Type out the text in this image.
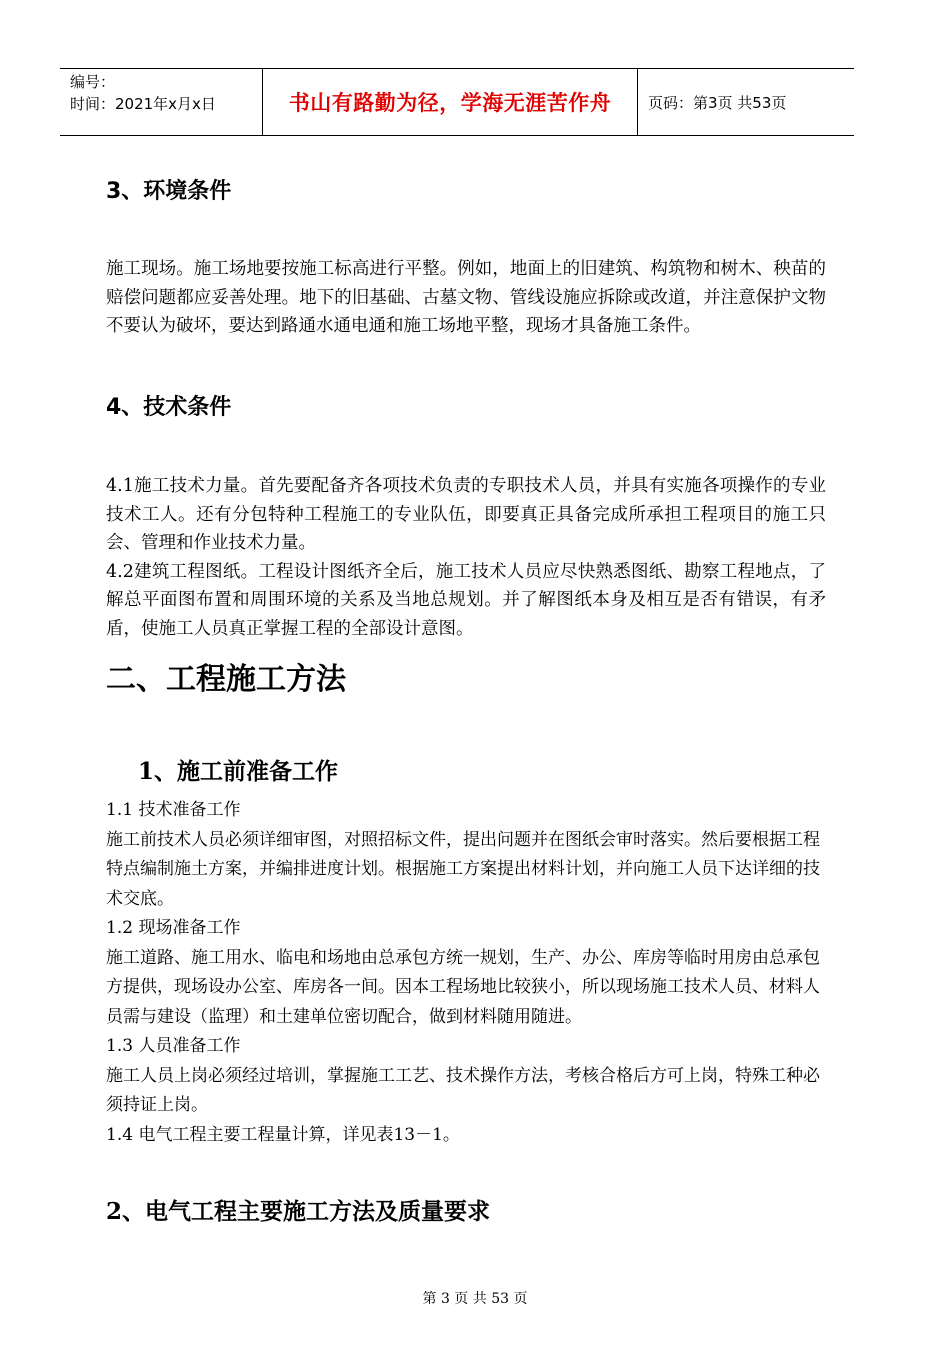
编号：
时间：2021年x月x日	书山有路勤为径，学海无涯苦作舟	页码：第3页 共53页
3、环境条件

施工现场。施工场地要按施工标高进行平整。例如，地面上的旧建筑、构筑物和树木、秧苗的赔偿问题都应妥善处理。地下的旧基础、古墓文物、管线设施应拆除或改道，并注意保护文物不要认为破坏，要达到路通水通电通和施工场地平整，现场才具备施工条件。

4、技术条件

4.1施工技术力量。首先要配备齐各项技术负责的专职技术人员，并具有实施各项操作的专业技术工人。还有分包特种工程施工的专业队伍，即要真正具备完成所承担工程项目的施工只会、管理和作业技术力量。

4.2建筑工程图纸。工程设计图纸齐全后，施工技术人员应尽快熟悉图纸、勘察工程地点，了解总平面图布置和周围环境的关系及当地总规划。并了解图纸本身及相互是否有错误，有矛盾，使施工人员真正掌握工程的全部设计意图。

二、工程施工方法
1、施工前准备工作

1.1 技术准备工作

施工前技术人员必须详细审图，对照招标文件，提出问题并在图纸会审时落实。然后要根据工程特点编制施土方案，并编排进度计划。根据施工方案提出材料计划，并向施工人员下达详细的技术交底。

1.2 现场准备工作

施工道路、施工用水、临电和场地由总承包方统一规划，生产、办公、库房等临时用房由总承包方提供，现场设办公室、库房各一间。因本工程场地比较狭小，所以现场施工技术人员、材料人员需与建设（监理）和土建单位密切配合，做到材料随用随进。

1.3 人员准备工作

施工人员上岗必须经过培训，掌握施工工艺、技术操作方法，考核合格后方可上岗，特殊工种必须持证上岗。

1.4 电气工程主要工程量计算，详见表13－1。

2、电气工程主要施工方法及质量要求
第 3 页 共 53 页
